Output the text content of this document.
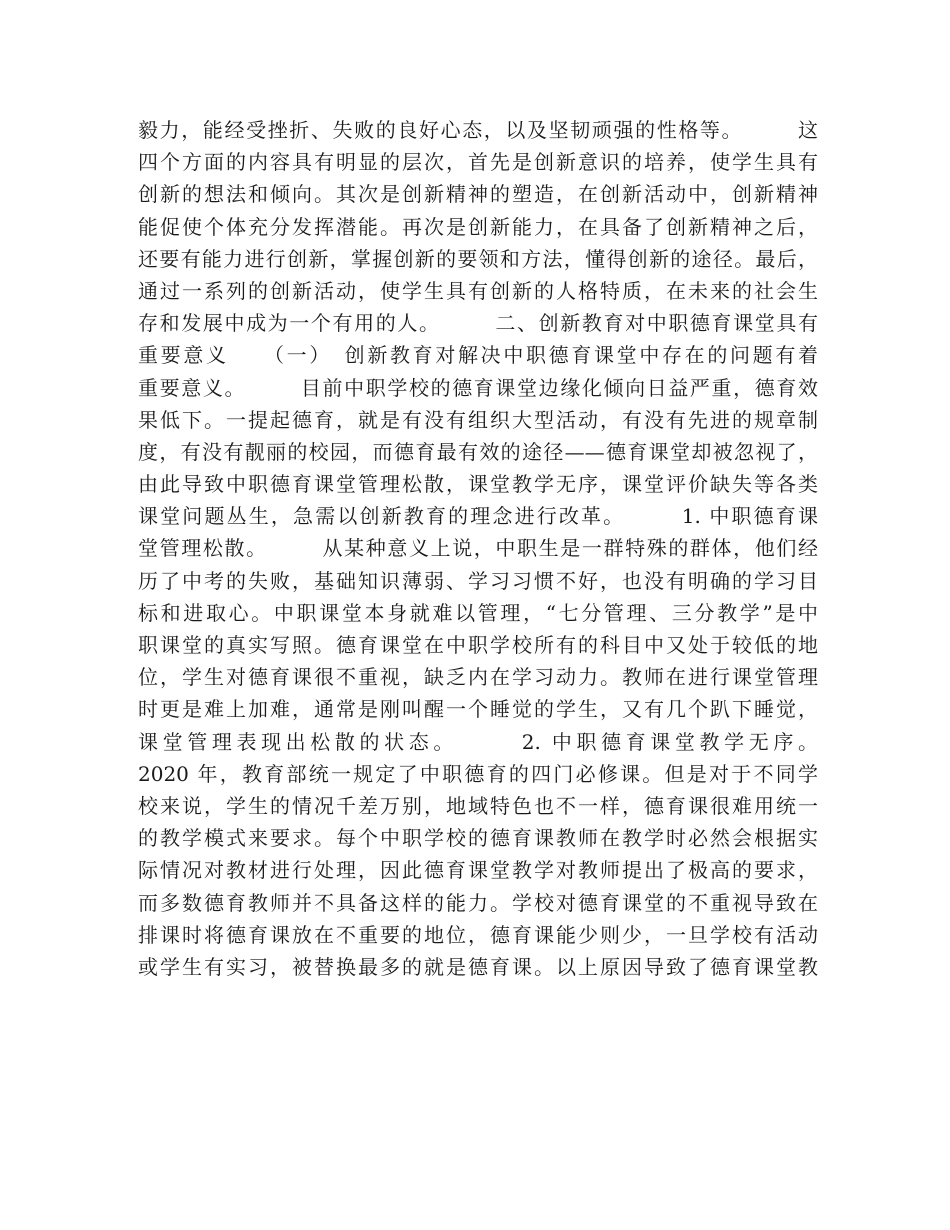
毅力，能经受挫折、失败的良好心态，以及坚韧顽强的性格等。　　　这
四个方面的内容具有明显的层次，首先是创新意识的培养，使学生具有
创新的想法和倾向。其次是创新精神的塑造，在创新活动中，创新精神
能促使个体充分发挥潜能。再次是创新能力，在具备了创新精神之后，
还要有能力进行创新，掌握创新的要领和方法，懂得创新的途径。最后，
通过一系列的创新活动，使学生具有创新的人格特质，在未来的社会生
存和发展中成为一个有用的人。　　　二、创新教育对中职德育课堂具有
重要意义　　（一）　创新教育对解决中职德育课堂中存在的问题有着
重要意义。　　　目前中职学校的德育课堂边缘化倾向日益严重，德育效
果低下。一提起德育，就是有没有组织大型活动，有没有先进的规章制
度，有没有靓丽的校园，而德育最有效的途径——德育课堂却被忽视了，
由此导致中职德育课堂管理松散，课堂教学无序，课堂评价缺失等各类
课堂问题丛生，急需以创新教育的理念进行改革。　　　1. 中职德育课
堂管理松散。　　　从某种意义上说，中职生是一群特殊的群体，他们经
历了中考的失败，基础知识薄弱、学习习惯不好，也没有明确的学习目
标和进取心。中职课堂本身就难以管理，“七分管理、三分教学”是中
职课堂的真实写照。德育课堂在中职学校所有的科目中又处于较低的地
位，学生对德育课很不重视，缺乏内在学习动力。教师在进行课堂管理
时更是难上加难，通常是刚叫醒一个睡觉的学生，又有几个趴下睡觉，
课堂管理表现出松散的状态。　　　2. 中职德育课堂教学无序。
2020 年，教育部统一规定了中职德育的四门必修课。但是对于不同学
校来说，学生的情况千差万别，地域特色也不一样，德育课很难用统一
的教学模式来要求。每个中职学校的德育课教师在教学时必然会根据实
际情况对教材进行处理，因此德育课堂教学对教师提出了极高的要求，
而多数德育教师并不具备这样的能力。学校对德育课堂的不重视导致在
排课时将德育课放在不重要的地位，德育课能少则少，一旦学校有活动
或学生有实习，被替换最多的就是德育课。以上原因导致了德育课堂教
